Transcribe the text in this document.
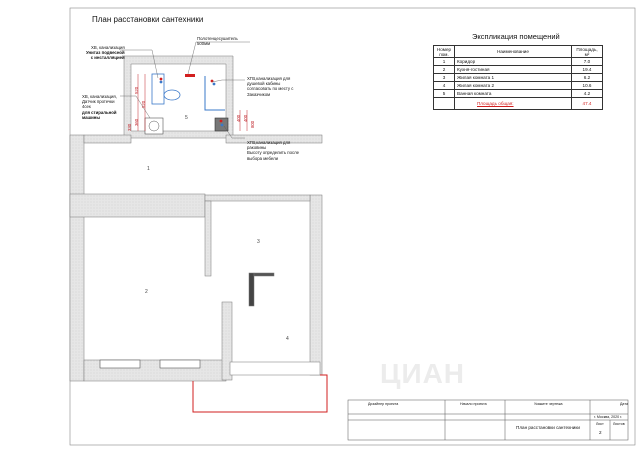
ЦИАН
План расстановки сантехники
ХВ, канализация
Унитаз подвесной
с инсталляцией
ХВ, канализация,
Датчик протечки
4сек
для стиральной
машины
Полотенцесушитель
500мм
ХГВ,канализация для
душевой кабины
согласовать по месту с
Заказчиком
ХГВ,канализация для
раковины
Высоту определить после
выбора мебели
520
520
360
330
400 400
800
1
2
3
4
5
Экспликация помещений
Номер пом.	Наименование	Площадь, м²
1	Коридор	7.0
2	Кухня-гостиная	19.4
3	Жилая комната 1	6.2
4	Жилая комната 2	10.6
5	Ванная комната	4.2
	Площадь общая:	47.4
Дизайнер проекта	Начало проекта	Укажите чертежа	Дата
г. Москва, 2020 г.
План расстановки сантехники
Лист
2
Листов
